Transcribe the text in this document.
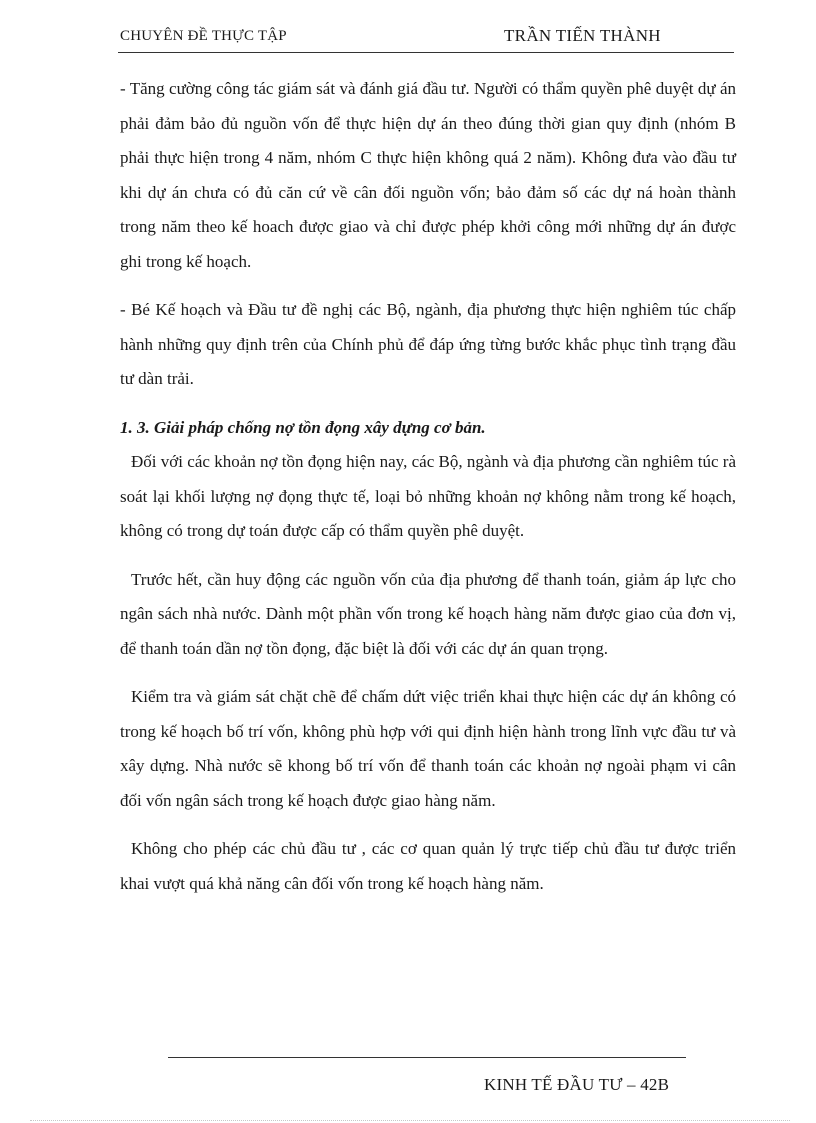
CHUYÊN ĐỀ THỰC TẬP	TRẦN TIẾN THÀNH

- Tăng cường công tác giám sát và đánh giá đầu tư. Người có thẩm quyền phê duyệt dự án phải đảm bảo đủ nguồn vốn để thực hiện dự án theo đúng thời gian quy định (nhóm B phải thực hiện trong 4 năm, nhóm C thực hiện không quá 2 năm). Không đưa vào đầu tư khi dự án chưa có đủ căn cứ về cân đối nguồn vốn; bảo đảm số các dự ná hoàn thành trong năm theo kế hoach được giao và chỉ được phép khởi công mới những dự án được ghi trong kế hoạch.

- Bé Kế hoạch và Đầu tư đề nghị các Bộ, ngành, địa phương thực hiện nghiêm túc chấp hành những quy định trên của Chính phủ để đáp ứng từng bước khắc phục tình trạng đầu tư dàn trải.

1. 3. Giải pháp chống nợ tồn đọng xây dựng cơ bản.

Đối với các khoản nợ tồn đọng hiện nay, các Bộ, ngành và địa phương cần nghiêm túc rà soát lại khối lượng nợ đọng thực tế, loại bỏ những khoản nợ không nằm trong kế hoạch, không có trong dự toán được cấp có thẩm quyền phê duyệt.

Trước hết, cần huy động các nguồn vốn của địa phương để thanh toán, giảm áp lực cho ngân sách nhà nước. Dành một phần vốn trong kế hoạch hàng năm được giao của đơn vị, để thanh toán dần nợ tồn đọng, đặc biệt là đối với các dự án quan trọng.

Kiểm tra và giám sát chặt chẽ để chấm dứt việc triển khai thực hiện các dự án không có trong kế hoạch bố trí vốn, không phù hợp với qui định hiện hành trong lĩnh vực đầu tư và xây dựng. Nhà nước sẽ khong bố trí vốn để thanh toán các khoản nợ ngoài phạm vi cân đối vốn ngân sách trong kế hoạch được giao hàng năm.

Không cho phép các chủ đầu tư , các cơ quan quản lý trực tiếp chủ đầu tư được triển khai vượt quá khả năng cân đối vốn trong kế hoạch hàng năm.

KINH TẾ ĐẦU TƯ – 42B
